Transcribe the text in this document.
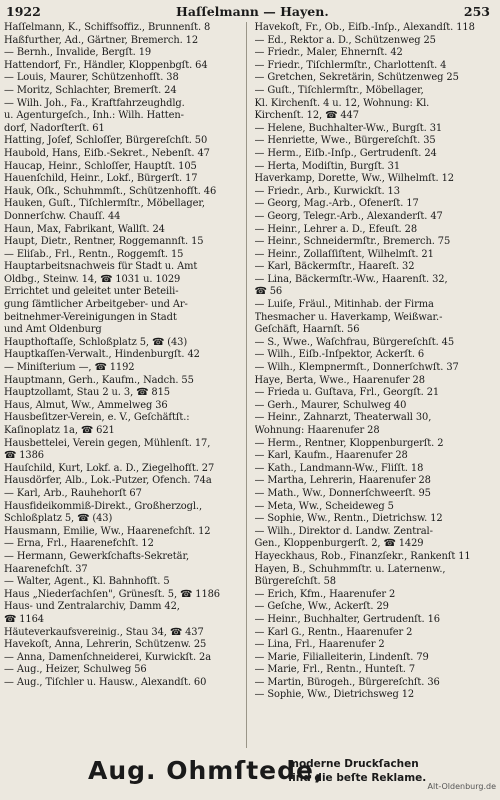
1922	Haſſelmann — Hayen.	253
Haſſelmann, K., Schiffsoffiz., Brunnenſt. 8
Haßfurther, Ad., Gärtner, Bremerch. 12
— Bernh., Invalide, Bergſt. 19
Hattendorf, Fr., Händler, Kloppenbgſt. 64
— Louis, Maurer, Schützenhofſt. 38
— Moritz, Schlachter, Bremerſt. 24
— Wilh. Joh., Fa., Kraftfahrzeughdlg.
u. Agenturgeſch., Inh.: Wilh. Hatten-
dorf, Nadorſterſt. 61
Hatting, Joſef, Schloſſer, Bürgereſchſt. 50
Haubold, Hans, Eiſb.-Sekret., Nebenſt. 47
Haucap, Heinr., Schloſſer, Hauptſt. 105
Hauenſchild, Heinr., Lokf., Bürgerſt. 17
Hauk, Oſk., Schuhmmſt., Schützenhofſt. 46
Hauken, Guſt., Tiſchlermſtr., Möbellager,
Donnerſchw. Chauſſ. 44
Haun, Max, Fabrikant, Wallſt. 24
Haupt, Dietr., Rentner, Roggemannſt. 15
— Eliſab., Frl., Rentn., Roggemſt. 15
Hauptarbeitsnachweis für Stadt u. Amt
Oldbg., Steinw. 14, ☎ 1031 u. 1029
Errichtet und geleitet unter Beteili-
gung ſämtlicher Arbeitgeber- und Ar-
beitnehmer-Vereinigungen in Stadt
und Amt Oldenburg
Haupthoftaſſe, Schloßplatz 5, ☎ (43)
Hauptkaſſen-Verwalt., Hindenburgſt. 42
— Miniſterium —, ☎ 1192
Hauptmann, Gerh., Kaufm., Nadch. 55
Hauptzollamt, Stau 2 u. 3, ☎ 815
Haus, Almut, Ww., Ammelweg 36
Hausbeſitzer-Verein, e. V., Geſchäftſt.:
Kaſinoplatz 1a, ☎ 621
Hausbettelei, Verein gegen, Mühlenſt. 17,
☎ 1386
Hauſchild, Kurt, Lokf. a. D., Ziegelhofſt. 27
Hausdörfer, Alb., Lok.-Putzer, Ofench. 74a
— Karl, Arb., Rauhehorſt 67
Hausfideikommiß-Direkt., Großherzogl.,
Schloßplatz 5, ☎ (43)
Hausmann, Emilie, Ww., Haarenefchſt. 12
— Erna, Frl., Haarenefchſt. 12
— Hermann, Gewerkſchafts-Sekretär,
Haarenefchſt. 37
— Walter, Agent., Kl. Bahnhofſt. 5
Haus „Niederſachſen", Grünesſt. 5, ☎ 1186
Haus- und Zentralarchiv, Damm 42,
☎ 1164
Häuteverkaufsvereinig., Stau 34, ☎ 437
Havekoſt, Anna, Lehrerin, Schützenw. 25
— Anna, Damenſchneiderei, Kurwickſt. 2a
— Aug., Heizer, Schulweg 56
— Aug., Tiſchler u. Hausw., Alexandſt. 60
Havekoſt, Fr., Ob., Eiſb.-Inſp., Alexandſt. 118
— Ed., Rektor a. D., Schützenweg 25
— Friedr., Maler, Ehnernſt. 42
— Friedr., Tiſchlermſtr., Charlottenſt. 4
— Gretchen, Sekretärin, Schützenweg 25
— Guſt., Tiſchlermſtr., Möbellager,
Kl. Kirchenſt. 4 u. 12, Wohnung: Kl.
Kirchenſt. 12, ☎ 447
— Helene, Buchhalter-Ww., Burgſt. 31
— Henriette, Wwe., Bürgereſchſt. 35
— Herm., Eiſb.-Inſp., Gertrudenſt. 24
— Herta, Modiſtin, Burgſt. 31
Haverkamp, Dorette, Ww., Wilhelmſt. 12
— Friedr., Arb., Kurwickſt. 13
— Georg, Mag.-Arb., Ofenerſt. 17
— Georg, Telegr.-Arb., Alexanderſt. 47
— Heinr., Lehrer a. D., Efeuſt. 28
— Heinr., Schneidermſtr., Bremerch. 75
— Heinr., Zollaſſiſtent, Wilhelmſt. 21
— Karl, Bäckermſtr., Haareſt. 32
— Lina, Bäckermſtr.-Ww., Haarenſt. 32,
☎ 56
— Luiſe, Fräul., Mitinhab. der Firma
Thesmacher u. Haverkamp, Weißwar.-
Geſchäft, Haarnſt. 56
— S., Wwe., Waſchfrau, Bürgereſchſt. 45
— Wilh., Eiſb.-Inſpektor, Ackerſt. 6
— Wilh., Klempnermſt., Donnerſchwſt. 37
Haye, Berta, Wwe., Haarenufer 28
— Frieda u. Guſtava, Frl., Georgſt. 21
— Gerh., Maurer, Schulweg 40
— Heinr., Zahnarzt, Theaterwall 30,
Wohnung: Haarenufer 28
— Herm., Rentner, Kloppenburgerſt. 2
— Karl, Kaufm., Haarenufer 28
— Kath., Landmann-Ww., Fliſſt. 18
— Martha, Lehrerin, Haarenufer 28
— Math., Ww., Donnerſchweerſt. 95
— Meta, Ww., Scheideweg 5
— Sophie, Ww., Rentn., Dietrichsw. 12
— Wilh., Direktor d. Landw. Zentral-
Gen., Kloppenburgerſt. 2, ☎ 1429
Hayeckhaus, Rob., Finanzſekr., Rankenſt 11
Hayen, B., Schuhmmſtr. u. Laternenw.,
Bürgereſchſt. 58
— Erich, Kfm., Haarenufer 2
— Geſche, Ww., Ackerſt. 29
— Heinr., Buchhalter, Gertrudenſt. 16
— Karl G., Rentn., Haarenufer 2
— Lina, Frl., Haarenufer 2
— Marie, Filialleiterin, Lindenſt. 79
— Marie, Frl., Rentn., Hunteſt. 7
— Martin, Bürogeh., Bürgereſchſt. 36
— Sophie, Ww., Dietrichsweg 12
Aug. Ohmſtede,
moderne Druckſachen
find die beſte Reklame.
Alt-Oldenburg.de
